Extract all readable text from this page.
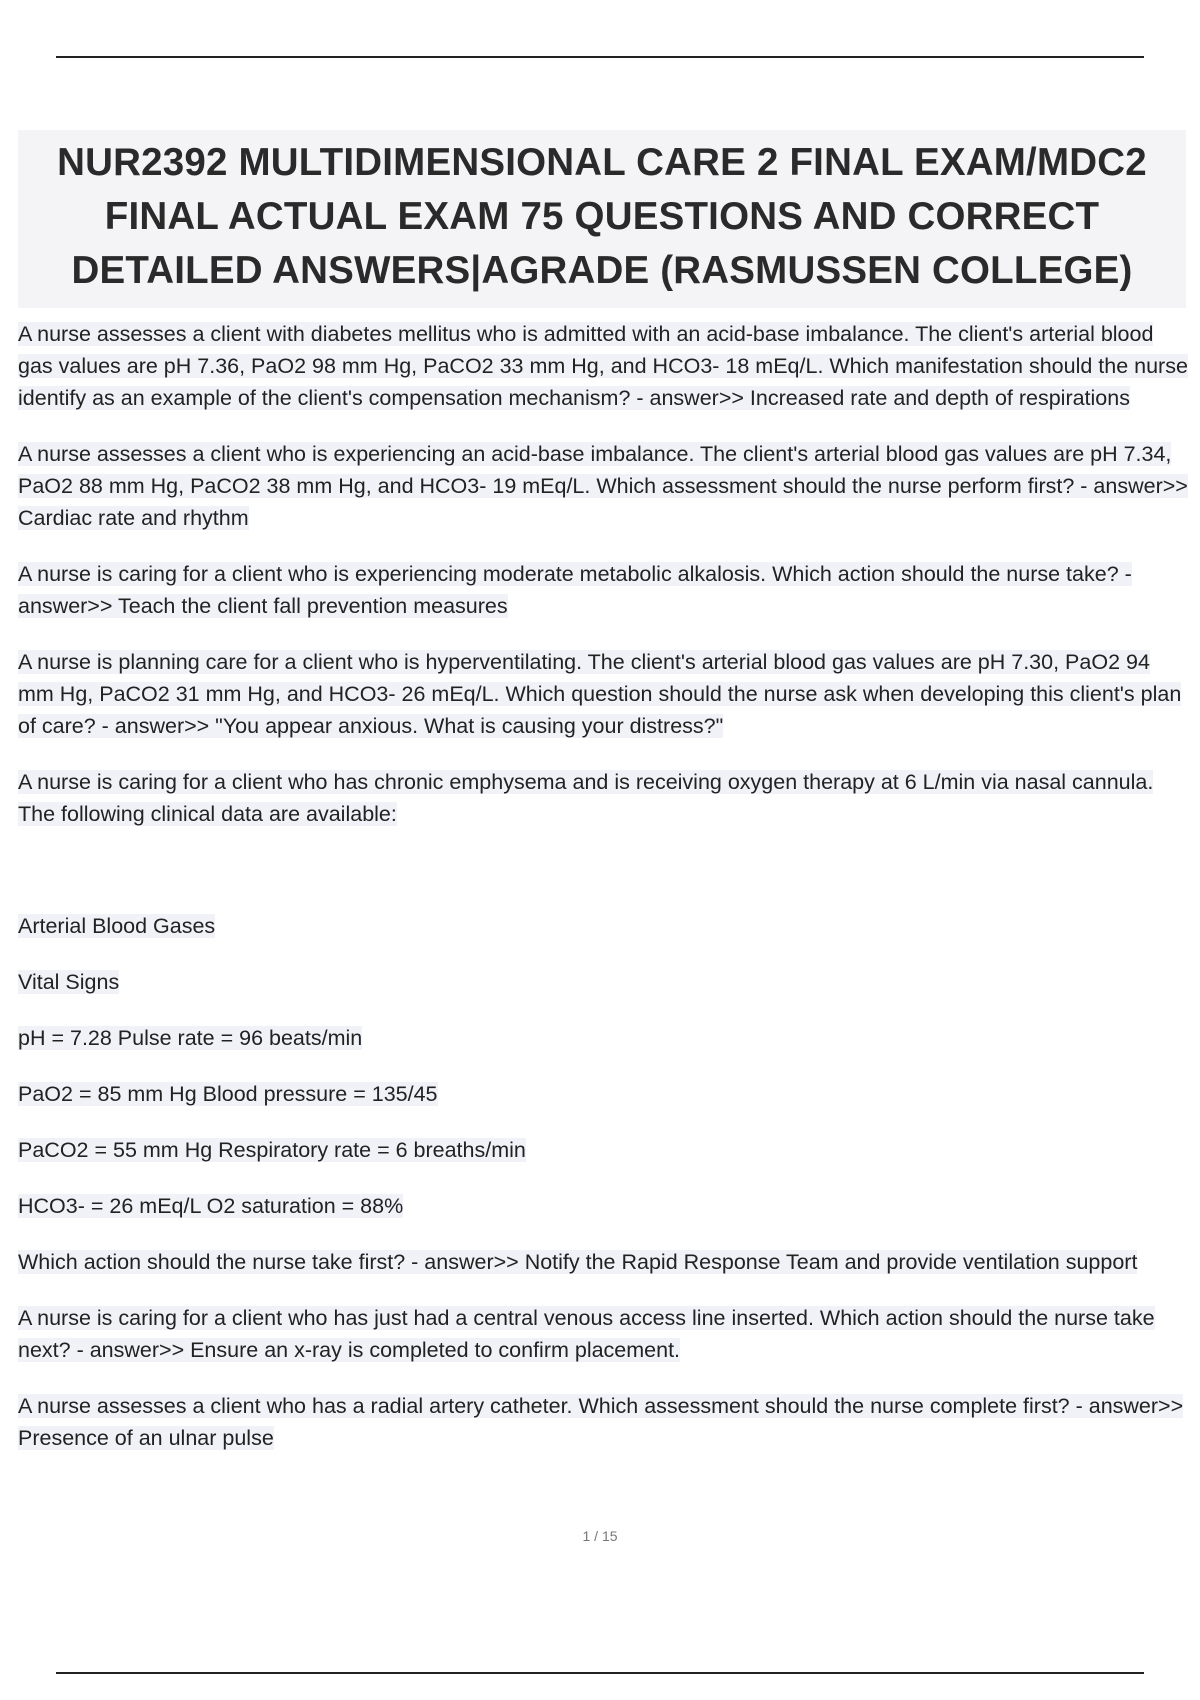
NUR2392 MULTIDIMENSIONAL CARE 2 FINAL EXAM/MDC2 FINAL ACTUAL EXAM 75 QUESTIONS AND CORRECT DETAILED ANSWERS|AGRADE (RASMUSSEN COLLEGE)

A nurse assesses a client with diabetes mellitus who is admitted with an acid-base imbalance. The client's arterial blood gas values are pH 7.36, PaO2 98 mm Hg, PaCO2 33 mm Hg, and HCO3- 18 mEq/L. Which manifestation should the nurse identify as an example of the client's compensation mechanism? - answer>> Increased rate and depth of respirations

A nurse assesses a client who is experiencing an acid-base imbalance. The client's arterial blood gas values are pH 7.34, PaO2 88 mm Hg, PaCO2 38 mm Hg, and HCO3- 19 mEq/L. Which assessment should the nurse perform first? - answer>> Cardiac rate and rhythm

A nurse is caring for a client who is experiencing moderate metabolic alkalosis. Which action should the nurse take? - answer>> Teach the client fall prevention measures

A nurse is planning care for a client who is hyperventilating. The client's arterial blood gas values are pH 7.30, PaO2 94 mm Hg, PaCO2 31 mm Hg, and HCO3- 26 mEq/L. Which question should the nurse ask when developing this client's plan of care? - answer>> "You appear anxious. What is causing your distress?"

A nurse is caring for a client who has chronic emphysema and is receiving oxygen therapy at 6 L/min via nasal cannula. The following clinical data are available:

Arterial Blood Gases

Vital Signs

pH = 7.28 Pulse rate = 96 beats/min

PaO2 = 85 mm Hg Blood pressure = 135/45

PaCO2 = 55 mm Hg Respiratory rate = 6 breaths/min

HCO3- = 26 mEq/L O2 saturation = 88%

Which action should the nurse take first? - answer>> Notify the Rapid Response Team and provide ventilation support

A nurse is caring for a client who has just had a central venous access line inserted. Which action should the nurse take next? - answer>> Ensure an x-ray is completed to confirm placement.

A nurse assesses a client who has a radial artery catheter. Which assessment should the nurse complete first? - answer>> Presence of an ulnar pulse

1 / 15
